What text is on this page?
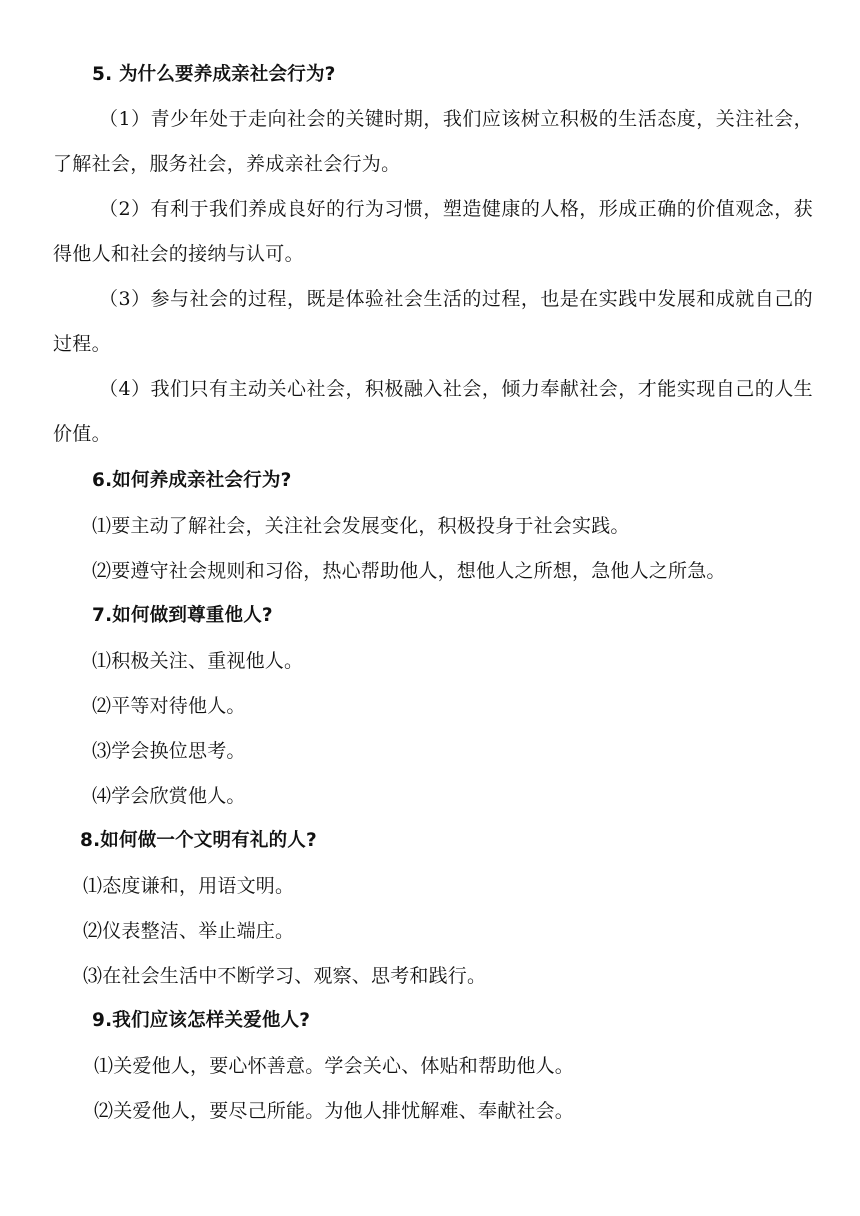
5. 为什么要养成亲社会行为?
（1）青少年处于走向社会的关键时期，我们应该树立积极的生活态度，关注社会，了解社会，服务社会，养成亲社会行为。
（2）有利于我们养成良好的行为习惯，塑造健康的人格，形成正确的价值观念，获得他人和社会的接纳与认可。
（3）参与社会的过程，既是体验社会生活的过程，也是在实践中发展和成就自己的过程。
（4）我们只有主动关心社会，积极融入社会，倾力奉献社会，才能实现自己的人生价值。
6.如何养成亲社会行为?
⑴要主动了解社会，关注社会发展变化，积极投身于社会实践。
⑵要遵守社会规则和习俗，热心帮助他人，想他人之所想，急他人之所急。
7.如何做到尊重他人?
⑴积极关注、重视他人。
⑵平等对待他人。
⑶学会换位思考。
⑷学会欣赏他人。
8.如何做一个文明有礼的人?
⑴态度谦和，用语文明。
⑵仪表整洁、举止端庄。
⑶在社会生活中不断学习、观察、思考和践行。
9.我们应该怎样关爱他人?
⑴关爱他人，要心怀善意。学会关心、体贴和帮助他人。
⑵关爱他人，要尽己所能。为他人排忧解难、奉献社会。
